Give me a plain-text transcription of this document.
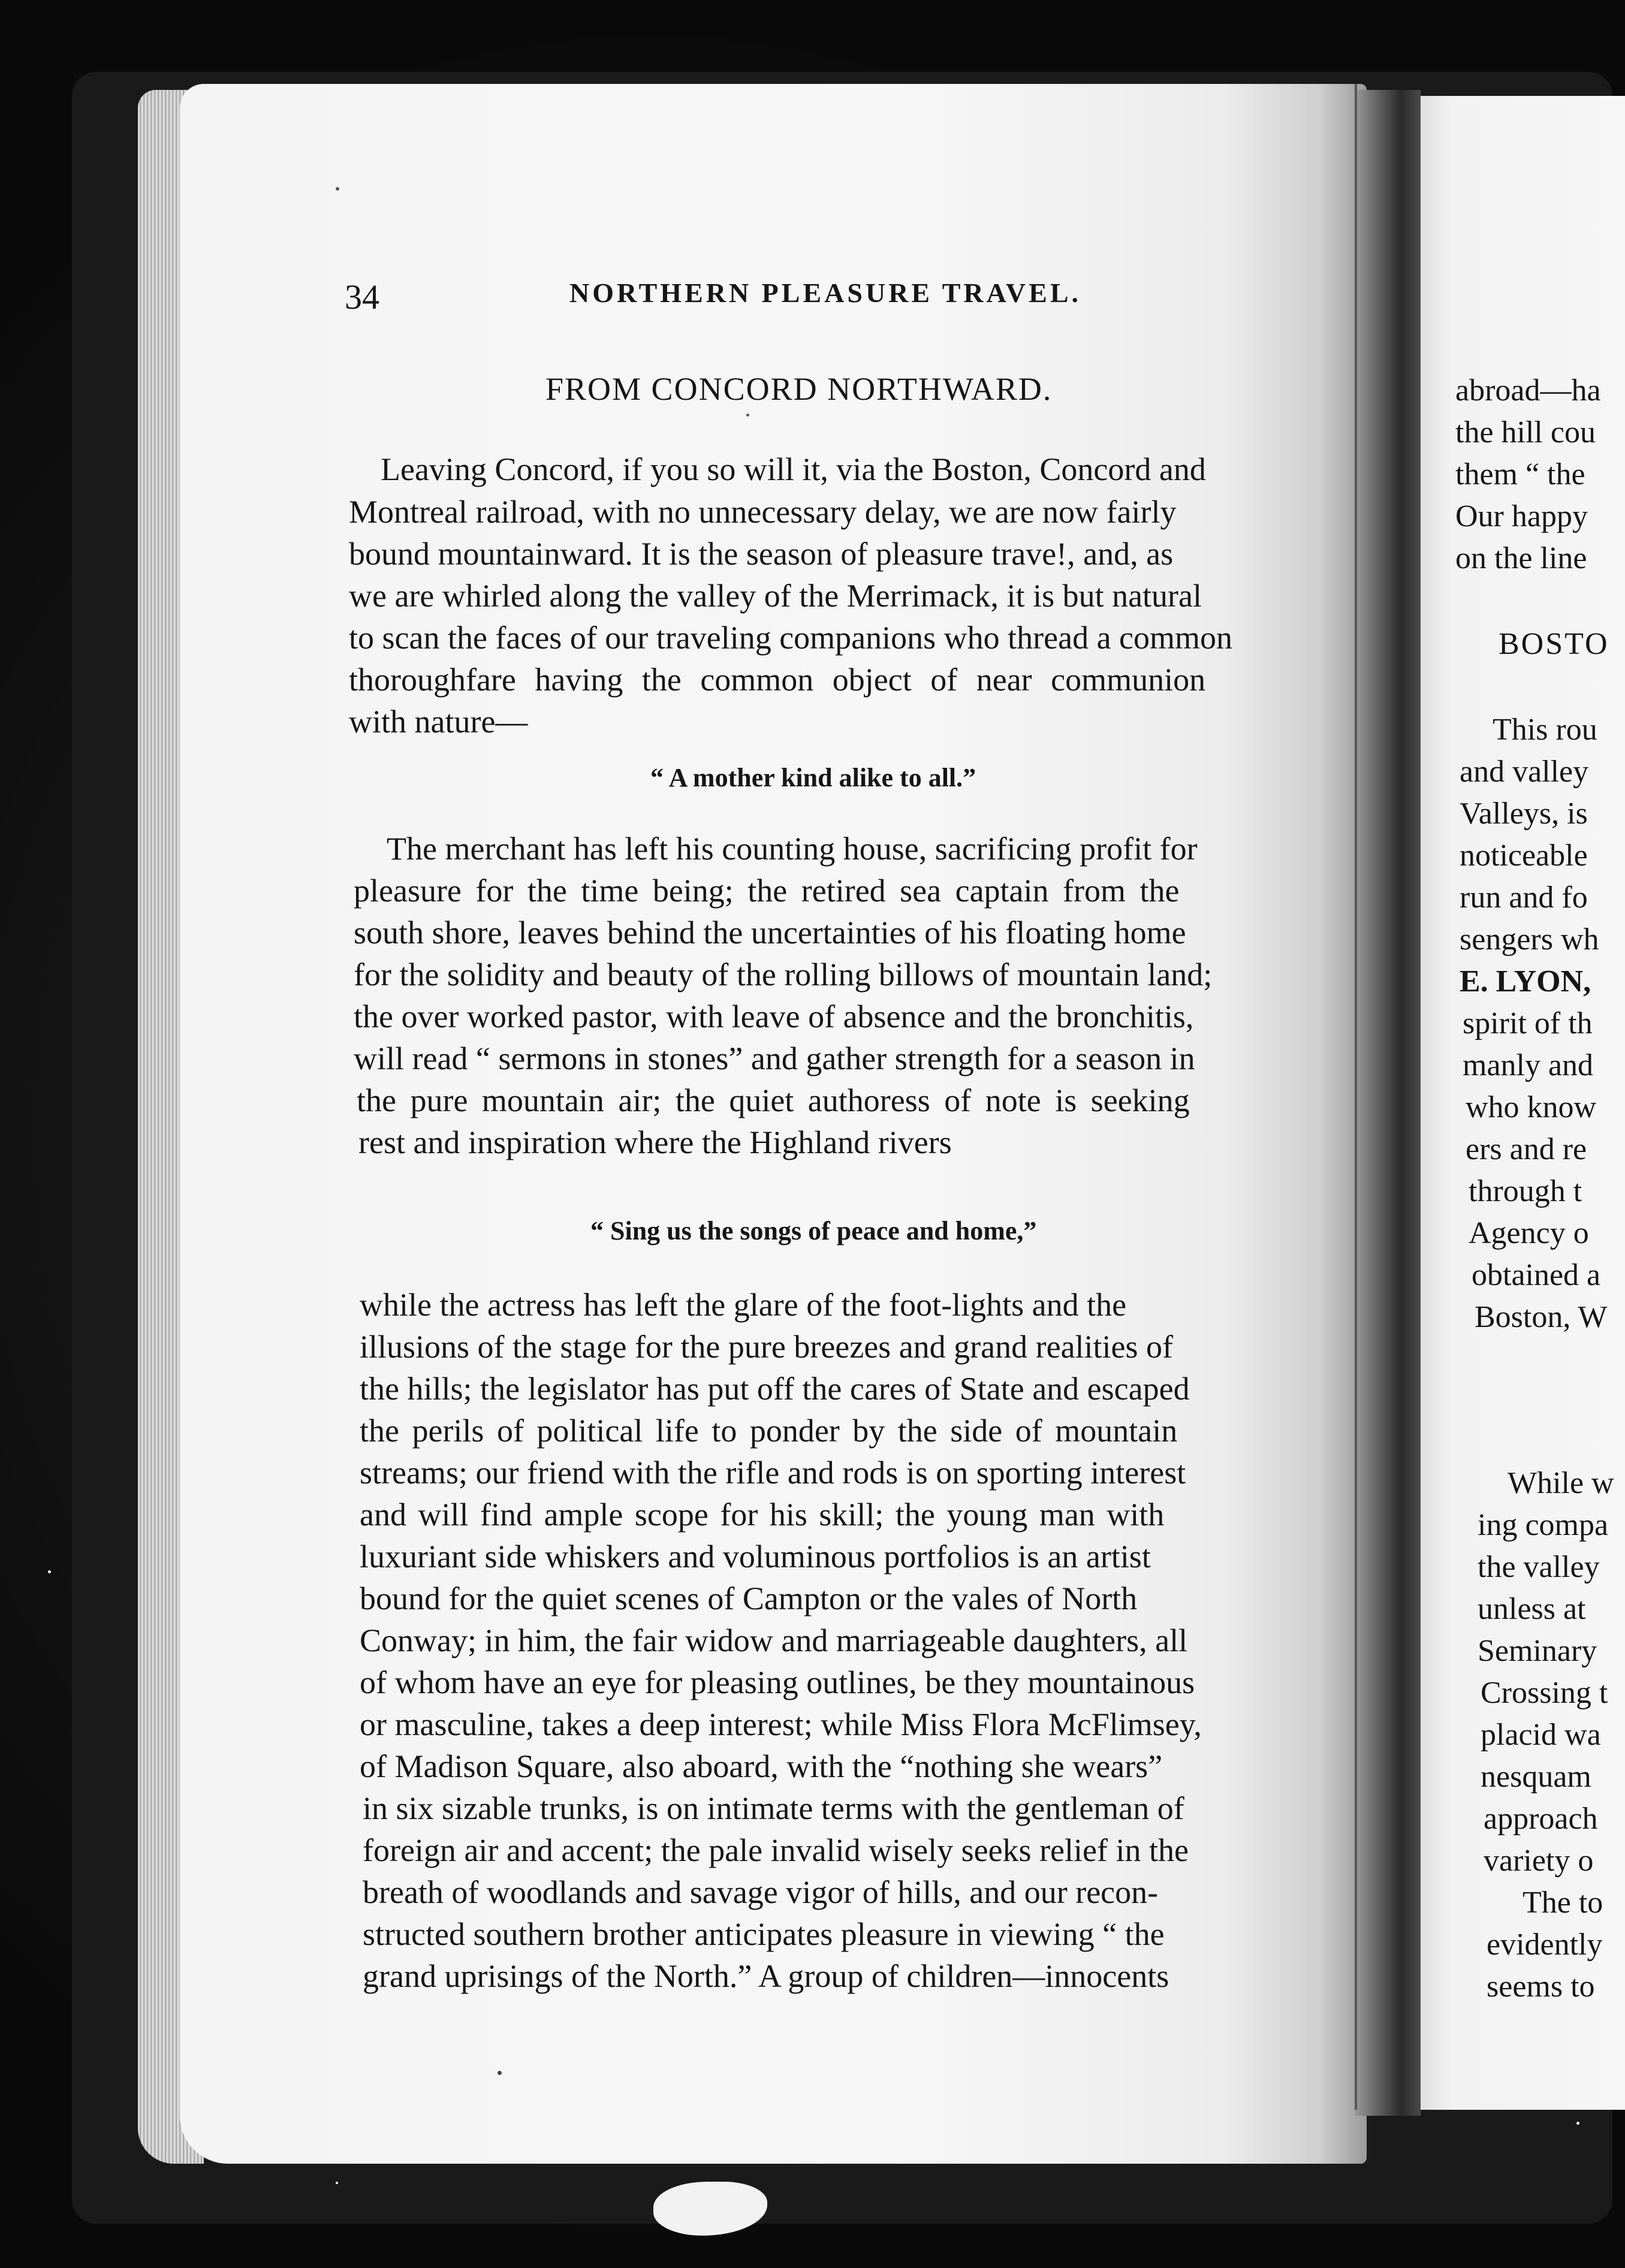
34	NORTHERN PLEASURE TRAVEL.
FROM CONCORD NORTHWARD.
Leaving Concord, if you so will it, via the Boston, Concord and
Montreal railroad, with no unnecessary delay, we are now fairly
bound mountainward. It is the season of pleasure trave!, and, as
we are whirled along the valley of the Merrimack, it is but natural
to scan the faces of our traveling companions who thread a common
thoroughfare having the common object of near communion
with nature—
“ A mother kind alike to all.”
The merchant has left his counting house, sacrificing profit for
pleasure for the time being; the retired sea captain from the
south shore, leaves behind the uncertainties of his floating home
for the solidity and beauty of the rolling billows of mountain land;
the over worked pastor, with leave of absence and the bronchitis,
will read “ sermons in stones” and gather strength for a season in
the pure mountain air; the quiet authoress of note is seeking
rest and inspiration where the Highland rivers
“ Sing us the songs of peace and home,”
while the actress has left the glare of the foot-lights and the
illusions of the stage for the pure breezes and grand realities of
the hills; the legislator has put off the cares of State and escaped
the perils of political life to ponder by the side of mountain
streams; our friend with the rifle and rods is on sporting interest
and will find ample scope for his skill; the young man with
luxuriant side whiskers and voluminous portfolios is an artist
bound for the quiet scenes of Campton or the vales of North
Conway; in him, the fair widow and marriageable daughters, all
of whom have an eye for pleasing outlines, be they mountainous
or masculine, takes a deep interest; while Miss Flora McFlimsey,
of Madison Square, also aboard, with the “nothing she wears”
in six sizable trunks, is on intimate terms with the gentleman of
foreign air and accent; the pale invalid wisely seeks relief in the
breath of woodlands and savage vigor of hills, and our recon-
structed southern brother anticipates pleasure in viewing “ the
grand uprisings of the North.” A group of children—innocents
abroad—ha
the hill cou
them “ the
Our happy
on the line
BOSTO
This rou
and valley
Valleys, is
noticeable
run and fo
sengers wh
E. LYON,
spirit of th
manly and
who know
ers and re
through t
Agency o
obtained a
Boston, W
While w
ing compa
the valley
unless at
Seminary
Crossing t
placid wa
nesquam
approach
variety o
The to
evidently
seems to
